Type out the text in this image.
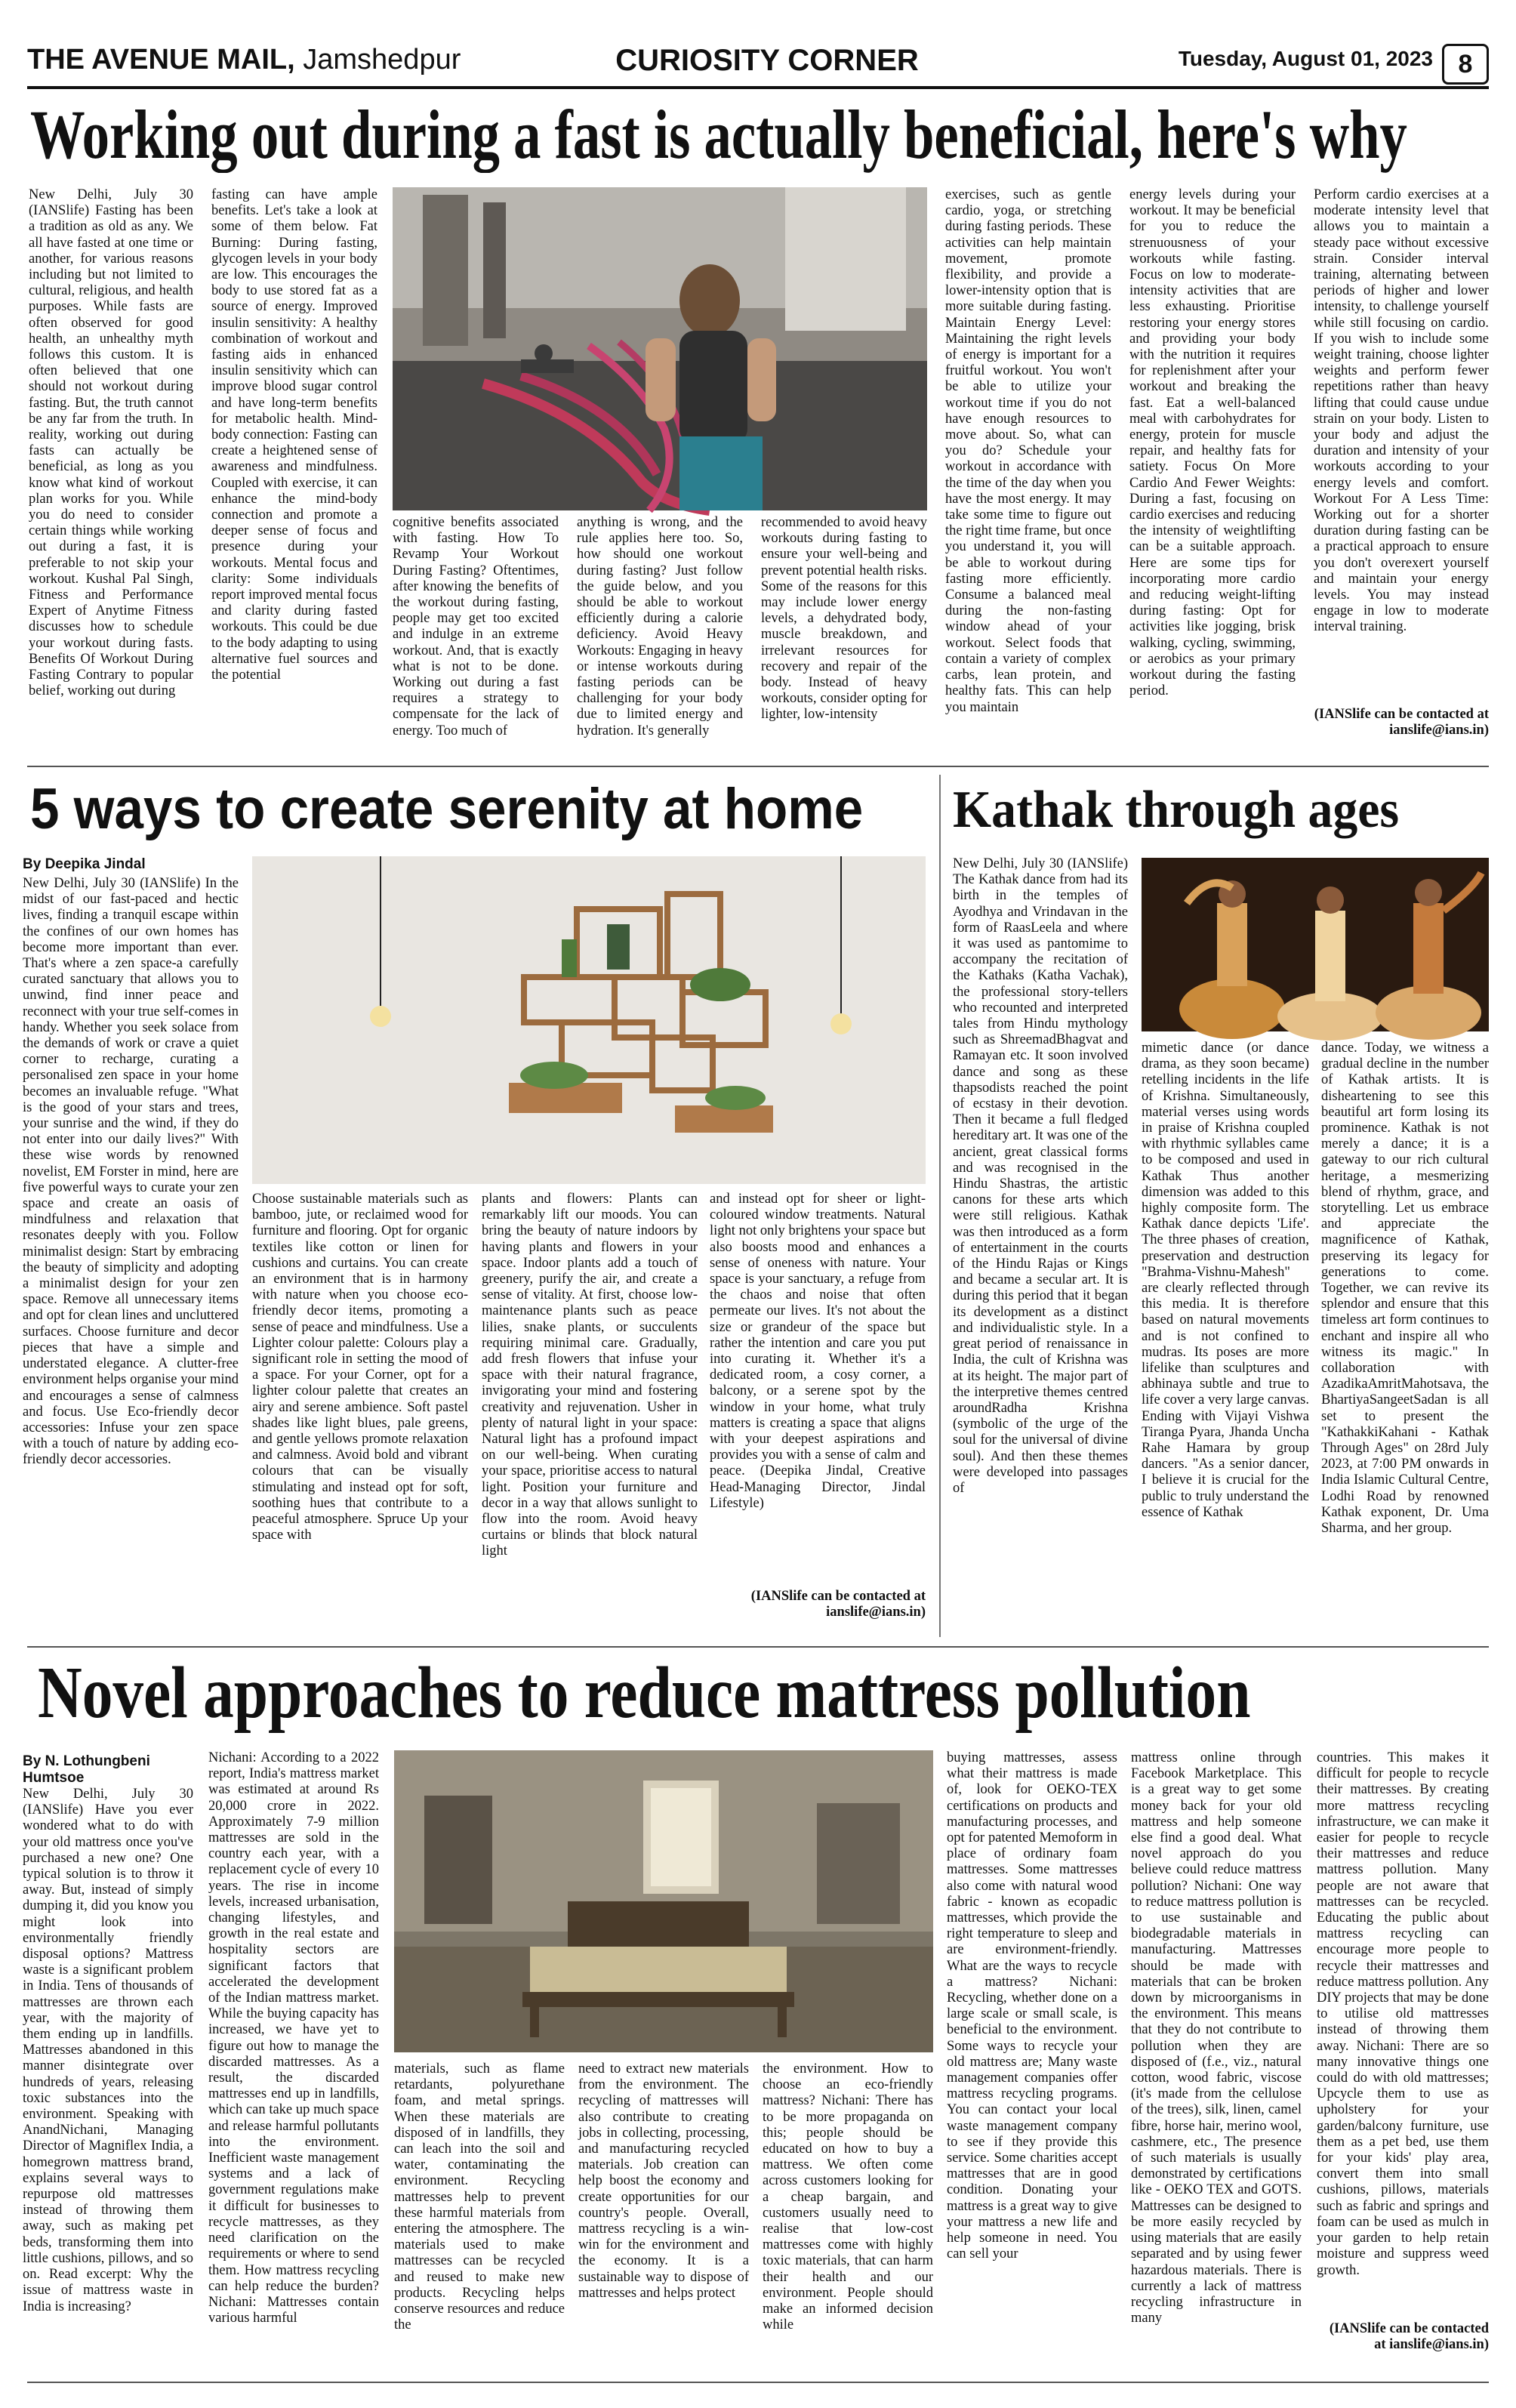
THE AVENUE MAIL, Jamshedpur	CURIOSITY CORNER	Tuesday, August 01, 2023 8
Working out during a fast is actually beneficial, here's why

New Delhi, July 30 (IANSlife) Fasting has been a tradition as old as any. We all have fasted at one time or another, for various reasons including but not limited to cultural, religious, and health purposes. While fasts are often observed for good health, an unhealthy myth follows this custom. It is often believed that one should not workout during fasting. But, the truth cannot be any far from the truth. In reality, working out during fasts can actually be beneficial, as long as you know what kind of workout plan works for you. While you do need to consider certain things while working out during a fast, it is preferable to not skip your workout. Kushal Pal Singh, Fitness and Performance Expert of Anytime Fitness discusses how to schedule your workout during fasts. Benefits Of Workout During Fasting Contrary to popular belief, working out during

fasting can have ample benefits. Let's take a look at some of them below. Fat Burning: During fasting, glycogen levels in your body are low. This encourages the body to use stored fat as a source of energy. Improved insulin sensitivity: A healthy combination of workout and fasting aids in enhanced insulin sensitivity which can improve blood sugar control and have long-term benefits for metabolic health. Mind-body connection: Fasting can create a heightened sense of awareness and mindfulness. Coupled with exercise, it can enhance the mind-body connection and promote a deeper sense of focus and presence during your workouts. Mental focus and clarity: Some individuals report improved mental focus and clarity during fasted workouts. This could be due to the body adapting to using alternative fuel sources and the potential

cognitive benefits associated with fasting. How To Revamp Your Workout During Fasting? Oftentimes, after knowing the benefits of the workout during fasting, people may get too excited and indulge in an extreme workout. And, that is exactly what is not to be done. Working out during a fast requires a strategy to compensate for the lack of energy. Too much of

anything is wrong, and the rule applies here too. So, how should one workout during fasting? Just follow the guide below, and you should be able to workout efficiently during a calorie deficiency. Avoid Heavy Workouts: Engaging in heavy or intense workouts during fasting periods can be challenging for your body due to limited energy and hydration. It's generally

recommended to avoid heavy workouts during fasting to ensure your well-being and prevent potential health risks. Some of the reasons for this may include lower energy levels, a dehydrated body, muscle breakdown, and irrelevant resources for recovery and repair of the body. Instead of heavy workouts, consider opting for lighter, low-intensity

exercises, such as gentle cardio, yoga, or stretching during fasting periods. These activities can help maintain movement, promote flexibility, and provide a lower-intensity option that is more suitable during fasting. Maintain Energy Level: Maintaining the right levels of energy is important for a fruitful workout. You won't be able to utilize your workout time if you do not have enough resources to move about. So, what can you do? Schedule your workout in accordance with the time of the day when you have the most energy. It may take some time to figure out the right time frame, but once you understand it, you will be able to workout during fasting more efficiently. Consume a balanced meal during the non-fasting window ahead of your workout. Select foods that contain a variety of complex carbs, lean protein, and healthy fats. This can help you maintain

energy levels during your workout. It may be beneficial for you to reduce the strenuousness of your workouts while fasting. Focus on low to moderate-intensity activities that are less exhausting. Prioritise restoring your energy stores and providing your body with the nutrition it requires for replenishment after your workout and breaking the fast. Eat a well-balanced meal with carbohydrates for energy, protein for muscle repair, and healthy fats for satiety. Focus On More Cardio And Fewer Weights: During a fast, focusing on cardio exercises and reducing the intensity of weightlifting can be a suitable approach. Here are some tips for incorporating more cardio and reducing weight-lifting during fasting: Opt for activities like jogging, brisk walking, cycling, swimming, or aerobics as your primary workout during the fasting period.

Perform cardio exercises at a moderate intensity level that allows you to maintain a steady pace without excessive strain. Consider interval training, alternating between periods of higher and lower intensity, to challenge yourself while still focusing on cardio. If you wish to include some weight training, choose lighter weights and perform fewer repetitions rather than heavy lifting that could cause undue strain on your body. Listen to your body and adjust the duration and intensity of your workouts according to your energy levels and comfort. Workout For A Less Time: Working out for a shorter duration during fasting can be a practical approach to ensure you don't overexert yourself and maintain your energy levels. You may instead engage in low to moderate interval training.

(IANSlife can be contacted at ianslife@ians.in)

5 ways to create serenity at home
By Deepika Jindal

New Delhi, July 30 (IANSlife) In the midst of our fast-paced and hectic lives, finding a tranquil escape within the confines of our own homes has become more important than ever. That's where a zen space-a carefully curated sanctuary that allows you to unwind, find inner peace and reconnect with your true self-comes in handy. Whether you seek solace from the demands of work or crave a quiet corner to recharge, curating a personalised zen space in your home becomes an invaluable refuge. "What is the good of your stars and trees, your sunrise and the wind, if they do not enter into our daily lives?" With these wise words by renowned novelist, EM Forster in mind, here are five powerful ways to curate your zen space and create an oasis of mindfulness and relaxation that resonates deeply with you. Follow minimalist design: Start by embracing the beauty of simplicity and adopting a minimalist design for your zen space. Remove all unnecessary items and opt for clean lines and uncluttered surfaces. Choose furniture and decor pieces that have a simple and understated elegance. A clutter-free environment helps organise your mind and encourages a sense of calmness and focus. Use Eco-friendly decor accessories: Infuse your zen space with a touch of nature by adding eco-friendly decor accessories.

Choose sustainable materials such as bamboo, jute, or reclaimed wood for furniture and flooring. Opt for organic textiles like cotton or linen for cushions and curtains. You can create an environment that is in harmony with nature when you choose eco-friendly decor items, promoting a sense of peace and mindfulness. Use a Lighter colour palette: Colours play a significant role in setting the mood of a space. For your Corner, opt for a lighter colour palette that creates an airy and serene ambience. Soft pastel shades like light blues, pale greens, and gentle yellows promote relaxation and calmness. Avoid bold and vibrant colours that can be visually stimulating and instead opt for soft, soothing hues that contribute to a peaceful atmosphere. Spruce Up your space with

plants and flowers: Plants can remarkably lift our moods. You can bring the beauty of nature indoors by having plants and flowers in your space. Indoor plants add a touch of greenery, purify the air, and create a sense of vitality. At first, choose low-maintenance plants such as peace lilies, snake plants, or succulents requiring minimal care. Gradually, add fresh flowers that infuse your space with their natural fragrance, invigorating your mind and fostering creativity and rejuvenation. Usher in plenty of natural light in your space: Natural light has a profound impact on our well-being. When curating your space, prioritise access to natural light. Position your furniture and decor in a way that allows sunlight to flow into the room. Avoid heavy curtains or blinds that block natural light

and instead opt for sheer or light-coloured window treatments. Natural light not only brightens your space but also boosts mood and enhances a sense of oneness with nature. Your space is your sanctuary, a refuge from the chaos and noise that often permeate our lives. It's not about the size or grandeur of the space but rather the intention and care you put into curating it. Whether it's a dedicated room, a cosy corner, a balcony, or a serene spot by the window in your home, what truly matters is creating a space that aligns with your deepest aspirations and provides you with a sense of calm and peace. (Deepika Jindal, Creative Head-Managing Director, Jindal Lifestyle)

(IANSlife can be contacted at ianslife@ians.in)

Kathak through ages

New Delhi, July 30 (IANSlife) The Kathak dance from had its birth in the temples of Ayodhya and Vrindavan in the form of RaasLeela and where it was used as pantomime to accompany the recitation of the Kathaks (Katha Vachak), the professional story-tellers who recounted and interpreted tales from Hindu mythology such as ShreemadBhagvat and Ramayan etc. It soon involved dance and song as these thapsodists reached the point of ecstasy in their devotion. Then it became a full fledged hereditary art. It was one of the ancient, great classical forms and was recognised in the Hindu Shastras, the artistic canons for these arts which were still religious. Kathak was then introduced as a form of entertainment in the courts of the Hindu Rajas or Kings and became a secular art. It is during this period that it began its development as a distinct and individualistic style. In a great period of renaissance in India, the cult of Krishna was at its height. The major part of the interpretive themes centred aroundRadha Krishna (symbolic of the urge of the soul for the universal of divine soul). And then these themes were developed into passages of

mimetic dance (or dance drama, as they soon became) retelling incidents in the life of Krishna. Simultaneously, material verses using words in praise of Krishna coupled with rhythmic syllables came to be composed and used in Kathak Thus another dimension was added to this highly composite form. The Kathak dance depicts 'Life'. The three phases of creation, preservation and destruction "Brahma-Vishnu-Mahesh" are clearly reflected through this media. It is therefore based on natural movements and is not confined to mudras. Its poses are more lifelike than sculptures and abhinaya subtle and true to life cover a very large canvas. Ending with Vijayi Vishwa Tiranga Pyara, Jhanda Uncha Rahe Hamara by group dancers. "As a senior dancer, I believe it is crucial for the public to truly understand the essence of Kathak

dance. Today, we witness a gradual decline in the number of Kathak artists. It is disheartening to see this beautiful art form losing its prominence. Kathak is not merely a dance; it is a gateway to our rich cultural heritage, a mesmerizing blend of rhythm, grace, and storytelling. Let us embrace and appreciate the magnificence of Kathak, preserving its legacy for generations to come. Together, we can revive its splendor and ensure that this timeless art form continues to enchant and inspire all who witness its magic." In collaboration with AzadikaAmritMahotsava, the BhartiyaSangeetSadan is all set to present the "KathakkiKahani - Kathak Through Ages" on 28rd July 2023, at 7:00 PM onwards in India Islamic Cultural Centre, Lodhi Road by renowned Kathak exponent, Dr. Uma Sharma, and her group.

Novel approaches to reduce mattress pollution
By N. Lothungbeni
Humtsoe

New Delhi, July 30 (IANSlife) Have you ever wondered what to do with your old mattress once you've purchased a new one? One typical solution is to throw it away. But, instead of simply dumping it, did you know you might look into environmentally friendly disposal options? Mattress waste is a significant problem in India. Tens of thousands of mattresses are thrown each year, with the majority of them ending up in landfills. Mattresses abandoned in this manner disintegrate over hundreds of years, releasing toxic substances into the environment. Speaking with AnandNichani, Managing Director of Magniflex India, a homegrown mattress brand, explains several ways to repurpose old mattresses instead of throwing them away, such as making pet beds, transforming them into little cushions, pillows, and so on. Read excerpt: Why the issue of mattress waste in India is increasing?

Nichani: According to a 2022 report, India's mattress market was estimated at around Rs 20,000 crore in 2022. Approximately 7-9 million mattresses are sold in the country each year, with a replacement cycle of every 10 years. The rise in income levels, increased urbanisation, changing lifestyles, and growth in the real estate and hospitality sectors are significant factors that accelerated the development of the Indian mattress market. While the buying capacity has increased, we have yet to figure out how to manage the discarded mattresses. As a result, the discarded mattresses end up in landfills, which can take up much space and release harmful pollutants into the environment. Inefficient waste management systems and a lack of government regulations make it difficult for businesses to recycle mattresses, as they need clarification on the requirements or where to send them. How mattress recycling can help reduce the burden? Nichani: Mattresses contain various harmful

materials, such as flame retardants, polyurethane foam, and metal springs. When these materials are disposed of in landfills, they can leach into the soil and water, contaminating the environment. Recycling mattresses help to prevent these harmful materials from entering the atmosphere. The materials used to make mattresses can be recycled and reused to make new products. Recycling helps conserve resources and reduce the

need to extract new materials from the environment. The recycling of mattresses will also contribute to creating jobs in collecting, processing, and manufacturing recycled materials. Job creation can help boost the economy and create opportunities for our country's people. Overall, mattress recycling is a win-win for the environment and the economy. It is a sustainable way to dispose of mattresses and helps protect

the environment. How to choose an eco-friendly mattress? Nichani: There has to be more propaganda on this; people should be educated on how to buy a mattress. We often come across customers looking for a cheap bargain, and customers usually need to realise that low-cost mattresses come with highly toxic materials, that can harm their health and our environment. People should make an informed decision while

buying mattresses, assess what their mattress is made of, look for OEKO-TEX certifications on products and manufacturing processes, and opt for patented Memoform in place of ordinary foam mattresses. Some mattresses also come with natural wood fabric - known as ecopadic mattresses, which provide the right temperature to sleep and are environment-friendly. What are the ways to recycle a mattress? Nichani: Recycling, whether done on a large scale or small scale, is beneficial to the environment. Some ways to recycle your old mattress are; Many waste management companies offer mattress recycling programs. You can contact your local waste management company to see if they provide this service. Some charities accept mattresses that are in good condition. Donating your mattress is a great way to give your mattress a new life and help someone in need. You can sell your

mattress online through Facebook Marketplace. This is a great way to get some money back for your old mattress and help someone else find a good deal. What novel approach do you believe could reduce mattress pollution? Nichani: One way to reduce mattress pollution is to use sustainable and biodegradable materials in manufacturing. Mattresses should be made with materials that can be broken down by microorganisms in the environment. This means that they do not contribute to pollution when they are disposed of (f.e., viz., natural cotton, wood fabric, viscose (it's made from the cellulose of the trees), silk, linen, camel fibre, horse hair, merino wool, cashmere, etc., The presence of such materials is usually demonstrated by certifications like - OEKO TEX and GOTS. Mattresses can be designed to be more easily recycled by using materials that are easily separated and by using fewer hazardous materials. There is currently a lack of mattress recycling infrastructure in many

countries. This makes it difficult for people to recycle their mattresses. By creating more mattress recycling infrastructure, we can make it easier for people to recycle their mattresses and reduce mattress pollution. Many people are not aware that mattresses can be recycled. Educating the public about mattress recycling can encourage more people to recycle their mattresses and reduce mattress pollution. Any DIY projects that may be done to utilise old mattresses instead of throwing them away. Nichani: There are so many innovative things one could do with old mattresses; Upcycle them to use as upholstery for your garden/balcony furniture, use them as a pet bed, use them for your kids' play area, convert them into small cushions, pillows, materials such as fabric and springs and foam can be used as mulch in your garden to help retain moisture and suppress weed growth.

(IANSlife can be contacted at ianslife@ians.in)
